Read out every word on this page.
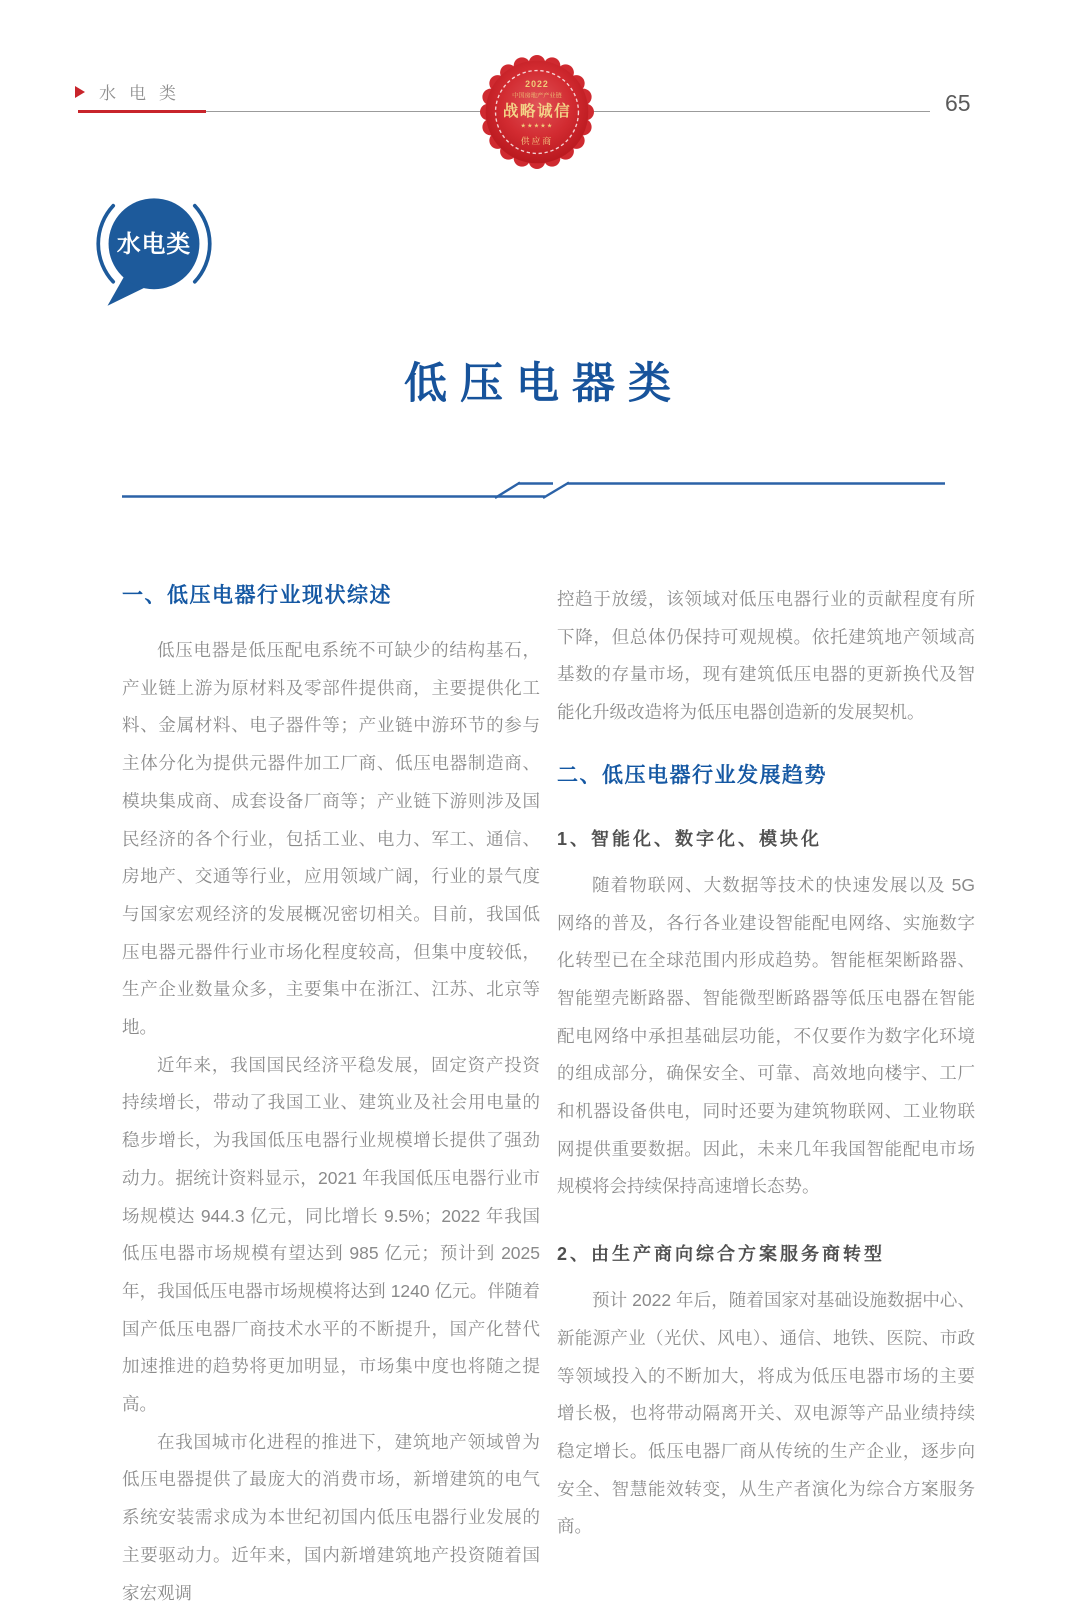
水电类	65
2022
中国房地产产业链
战略诚信
★★★★★
供应商
水电类
低压电器类
一、低压电器行业现状综述

低压电器是低压配电系统不可缺少的结构基石，产业链上游为原材料及零部件提供商，主要提供化工料、金属材料、电子器件等；产业链中游环节的参与主体分化为提供元器件加工厂商、低压电器制造商、模块集成商、成套设备厂商等；产业链下游则涉及国民经济的各个行业，包括工业、电力、军工、通信、房地产、交通等行业，应用领域广阔，行业的景气度与国家宏观经济的发展概况密切相关。目前，我国低压电器元器件行业市场化程度较高，但集中度较低，生产企业数量众多，主要集中在浙江、江苏、北京等地。

近年来，我国国民经济平稳发展，固定资产投资持续增长，带动了我国工业、建筑业及社会用电量的稳步增长，为我国低压电器行业规模增长提供了强劲动力。据统计资料显示，2021 年我国低压电器行业市场规模达 944.3 亿元，同比增长 9.5%；2022 年我国低压电器市场规模有望达到 985 亿元；预计到 2025 年，我国低压电器市场规模将达到 1240 亿元。伴随着国产低压电器厂商技术水平的不断提升，国产化替代加速推进的趋势将更加明显，市场集中度也将随之提高。

在我国城市化进程的推进下，建筑地产领域曾为低压电器提供了最庞大的消费市场，新增建筑的电气系统安装需求成为本世纪初国内低压电器行业发展的主要驱动力。近年来，国内新增建筑地产投资随着国家宏观调

控趋于放缓，该领域对低压电器行业的贡献程度有所下降，但总体仍保持可观规模。依托建筑地产领域高基数的存量市场，现有建筑低压电器的更新换代及智能化升级改造将为低压电器创造新的发展契机。

二、低压电器行业发展趋势
1、智能化、数字化、模块化

随着物联网、大数据等技术的快速发展以及 5G 网络的普及，各行各业建设智能配电网络、实施数字化转型已在全球范围内形成趋势。智能框架断路器、智能塑壳断路器、智能微型断路器等低压电器在智能配电网络中承担基础层功能，不仅要作为数字化环境的组成部分，确保安全、可靠、高效地向楼宇、工厂和机器设备供电，同时还要为建筑物联网、工业物联网提供重要数据。因此，未来几年我国智能配电市场规模将会持续保持高速增长态势。

2、由生产商向综合方案服务商转型

预计 2022 年后，随着国家对基础设施数据中心、新能源产业（光伏、风电）、通信、地铁、医院、市政等领域投入的不断加大，将成为低压电器市场的主要增长极，也将带动隔离开关、双电源等产品业绩持续稳定增长。低压电器厂商从传统的生产企业，逐步向安全、智慧能效转变，从生产者演化为综合方案服务商。
